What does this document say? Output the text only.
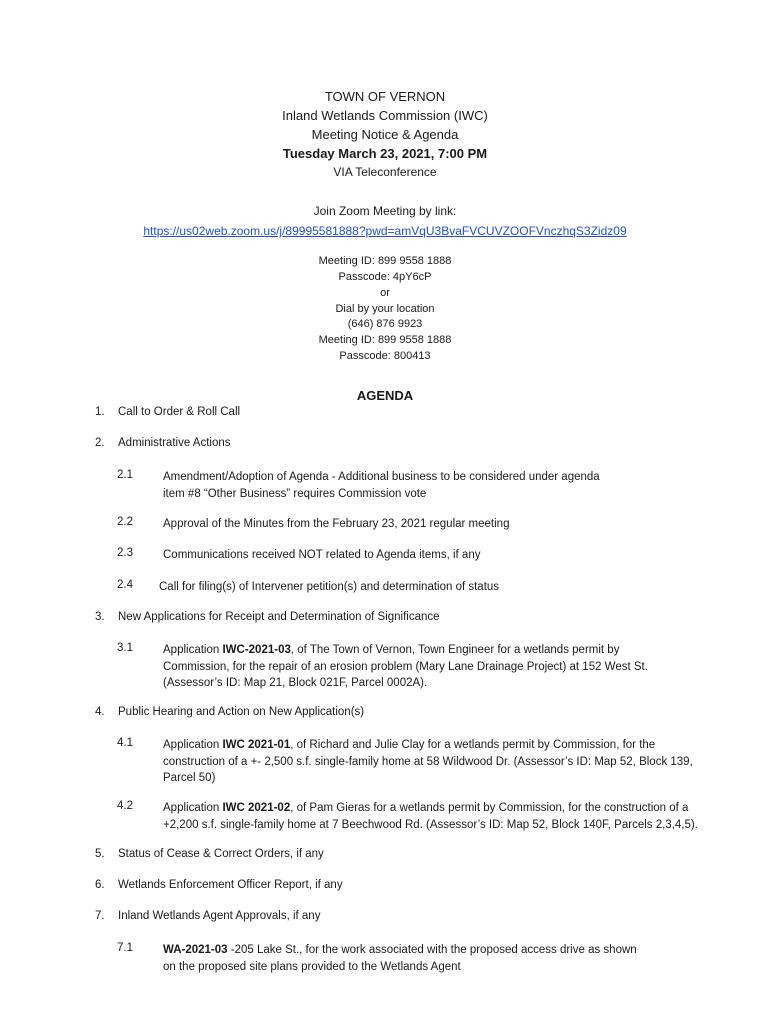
TOWN OF VERNON
Inland Wetlands Commission (IWC)
Meeting Notice & Agenda
Tuesday March 23, 2021, 7:00 PM
VIA Teleconference
Join Zoom Meeting by link:
https://us02web.zoom.us/j/89995581888?pwd=amVqU3BvaFVCUVZOOFVnczhqS3Zidz09
Meeting ID: 899 9558 1888
Passcode: 4pY6cP
or
Dial by your location
(646) 876 9923
Meeting ID: 899 9558 1888
Passcode: 800413
AGENDA
1. Call to Order & Roll Call
2. Administrative Actions
2.1	Amendment/Adoption of Agenda - Additional business to be considered under agenda
item #8 “Other Business” requires Commission vote
2.2	Approval of the Minutes from the February 23, 2021 regular meeting
2.3	Communications received NOT related to Agenda items, if any
2.4 Call for filing(s) of Intervener petition(s) and determination of status
3. New Applications for Receipt and Determination of Significance
3.1	Application IWC-2021-03, of The Town of Vernon, Town Engineer for a wetlands permit by
Commission, for the repair of an erosion problem (Mary Lane Drainage Project) at 152 West St.
(Assessor’s ID: Map 21, Block 021F, Parcel 0002A).
4. Public Hearing and Action on New Application(s)
4.1	Application IWC 2021-01, of Richard and Julie Clay for a wetlands permit by Commission, for the
construction of a +- 2,500 s.f. single-family home at 58 Wildwood Dr. (Assessor’s ID: Map 52, Block 139,
Parcel 50)
4.2	Application IWC 2021-02, of Pam Gieras for a wetlands permit by Commission, for the construction of a
+2,200 s.f. single-family home at 7 Beechwood Rd. (Assessor’s ID: Map 52, Block 140F, Parcels 2,3,4,5).
5. Status of Cease & Correct Orders, if any
6. Wetlands Enforcement Officer Report, if any
7. Inland Wetlands Agent Approvals, if any
7.1	WA-2021-03 -205 Lake St., for the work associated with the proposed access drive as shown
on the proposed site plans provided to the Wetlands Agent
